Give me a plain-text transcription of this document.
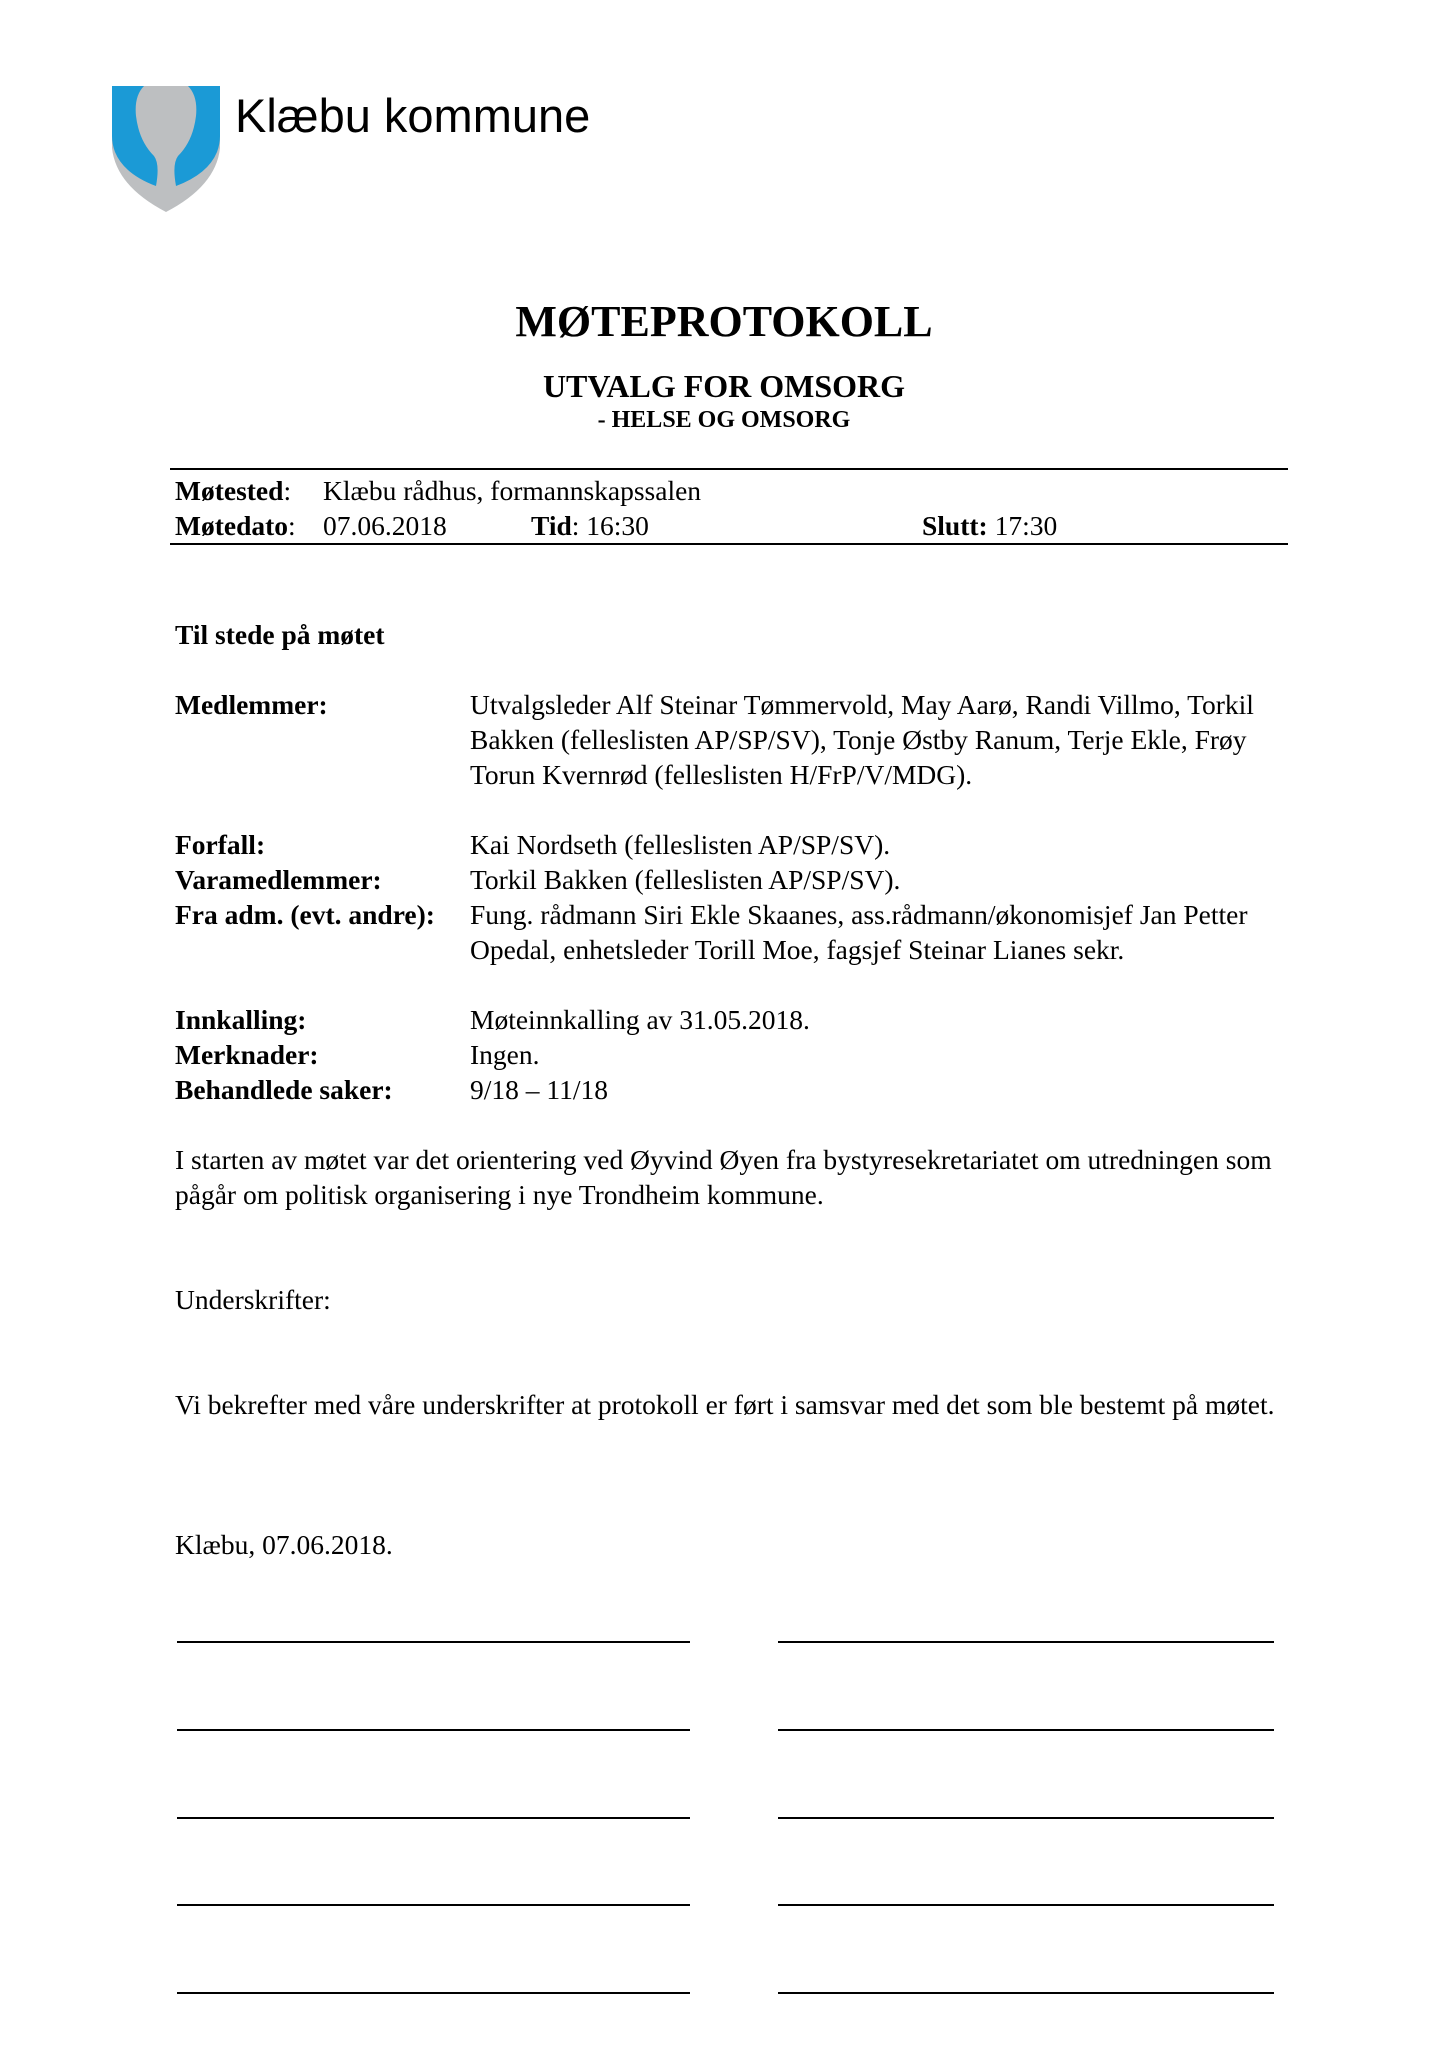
Klæbu kommune
MØTEPROTOKOLL
UTVALG FOR OMSORG
- HELSE OG OMSORG
Møtested: Klæbu rådhus, formannskapssalen
Møtedato: 07.06.2018	Tid: 16:30	Slutt: 17:30
Til stede på møtet
Medlemmer:	Utvalgsleder Alf Steinar Tømmervold, May Aarø, Randi Villmo, Torkil Bakken (felleslisten AP/SP/SV), Tonje Østby Ranum, Terje Ekle, Frøy Torun Kvernrød (felleslisten H/FrP/V/MDG).
Forfall:	Kai Nordseth (felleslisten AP/SP/SV).
Varamedlemmer:	Torkil Bakken (felleslisten AP/SP/SV).
Fra adm. (evt. andre): Fung. rådmann Siri Ekle Skaanes, ass.rådmann/økonomisjef Jan Petter Opedal, enhetsleder Torill Moe, fagsjef Steinar Lianes sekr.
Innkalling:	Møteinnkalling av 31.05.2018.
Merknader:	Ingen.
Behandlede saker:	9/18 – 11/18
I starten av møtet var det orientering ved Øyvind Øyen fra bystyresekretariatet om utredningen som pågår om politisk organisering i nye Trondheim kommune.
Underskrifter:
Vi bekrefter med våre underskrifter at protokoll er ført i samsvar med det som ble bestemt på møtet.
Klæbu, 07.06.2018.
